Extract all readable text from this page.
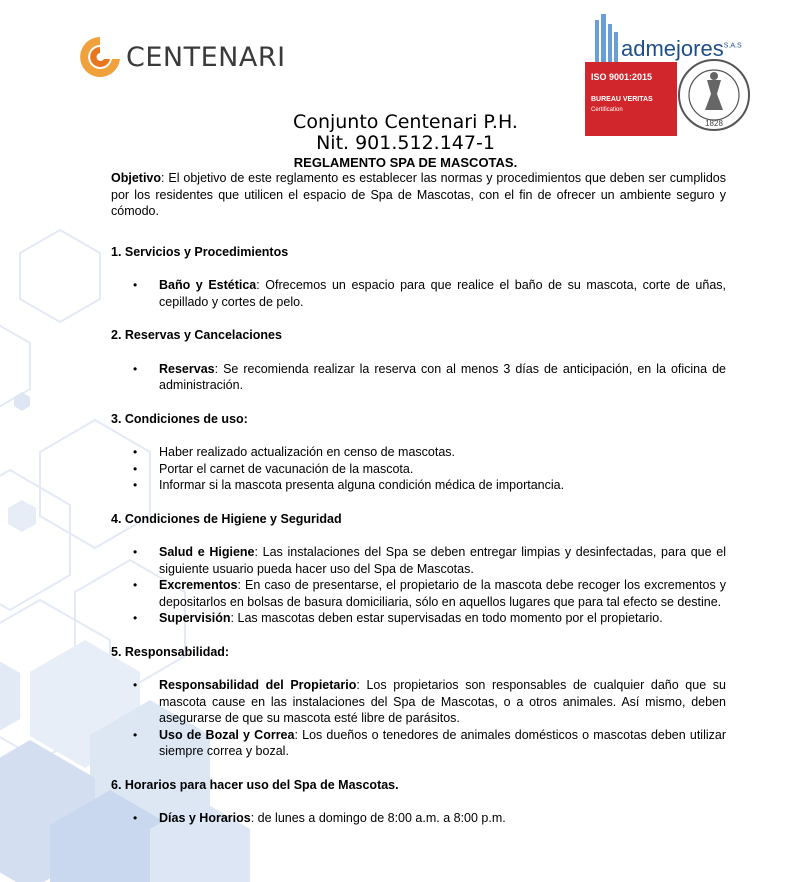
CENTENARI	admejores$^{S.A.S}$
ISO 9001:2015
BUREAU VERITAS
Certification
1828
Conjunto Centenari P.H.
Nit. 901.512.147-1
REGLAMENTO SPA DE MASCOTAS.

Objetivo: El objetivo de este reglamento es establecer las normas y procedimientos que deben ser cumplidos por los residentes que utilicen el espacio de Spa de Mascotas, con el fin de ofrecer un ambiente seguro y cómodo.

1. Servicios y Procedimientos

• Baño y Estética: Ofrecemos un espacio para que realice el baño de su mascota, corte de uñas, cepillado y cortes de pelo.

2. Reservas y Cancelaciones

• Reservas: Se recomienda realizar la reserva con al menos 3 días de anticipación, en la oficina de administración.

3. Condiciones de uso:

• Haber realizado actualización en censo de mascotas.
• Portar el carnet de vacunación de la mascota.
• Informar si la mascota presenta alguna condición médica de importancia.

4. Condiciones de Higiene y Seguridad

• Salud e Higiene: Las instalaciones del Spa se deben entregar limpias y desinfectadas, para que el siguiente usuario pueda hacer uso del Spa de Mascotas.
• Excrementos: En caso de presentarse, el propietario de la mascota debe recoger los excrementos y depositarlos en bolsas de basura domiciliaria, sólo en aquellos lugares que para tal efecto se destine.
• Supervisión: Las mascotas deben estar supervisadas en todo momento por el propietario.

5. Responsabilidad:

• Responsabilidad del Propietario: Los propietarios son responsables de cualquier daño que su mascota cause en las instalaciones del Spa de Mascotas, o a otros animales. Así mismo, deben asegurarse de que su mascota esté libre de parásitos.
• Uso de Bozal y Correa: Los dueños o tenedores de animales domésticos o mascotas deben utilizar siempre correa y bozal.

6. Horarios para hacer uso del Spa de Mascotas.

• Días y Horarios: de lunes a domingo de 8:00 a.m. a 8:00 p.m.
